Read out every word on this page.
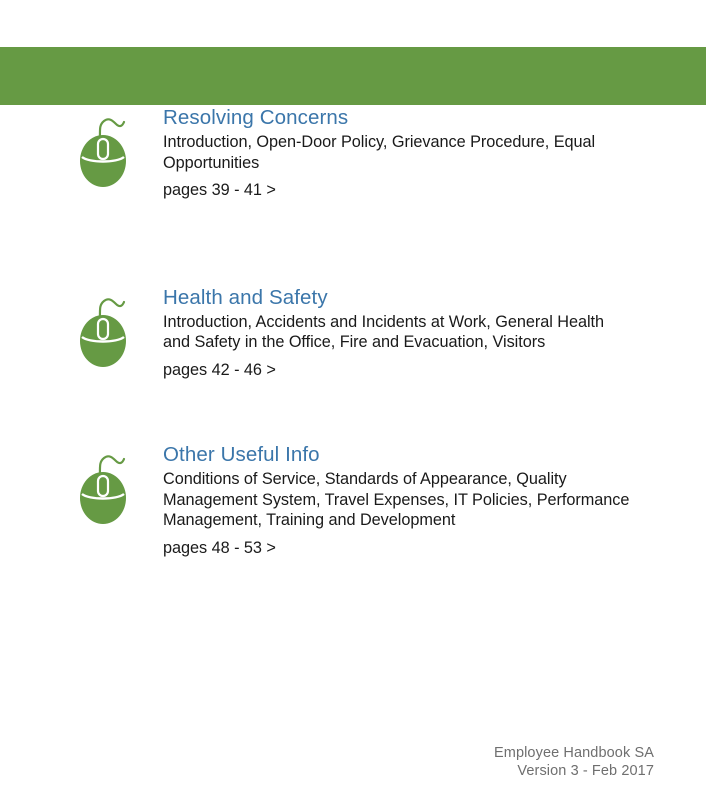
Resolving Concerns
Introduction, Open-Door Policy, Grievance Procedure, Equal Opportunities
pages 39 - 41 >
Health and Safety
Introduction, Accidents and Incidents at Work, General Health and Safety in the Office, Fire and Evacuation, Visitors
pages 42 - 46 >
Other Useful Info
Conditions of Service, Standards of Appearance, Quality Management System, Travel Expenses, IT Policies, Performance Management, Training and Development
pages 48 - 53 >
Employee Handbook SA
Version 3 - Feb 2017
